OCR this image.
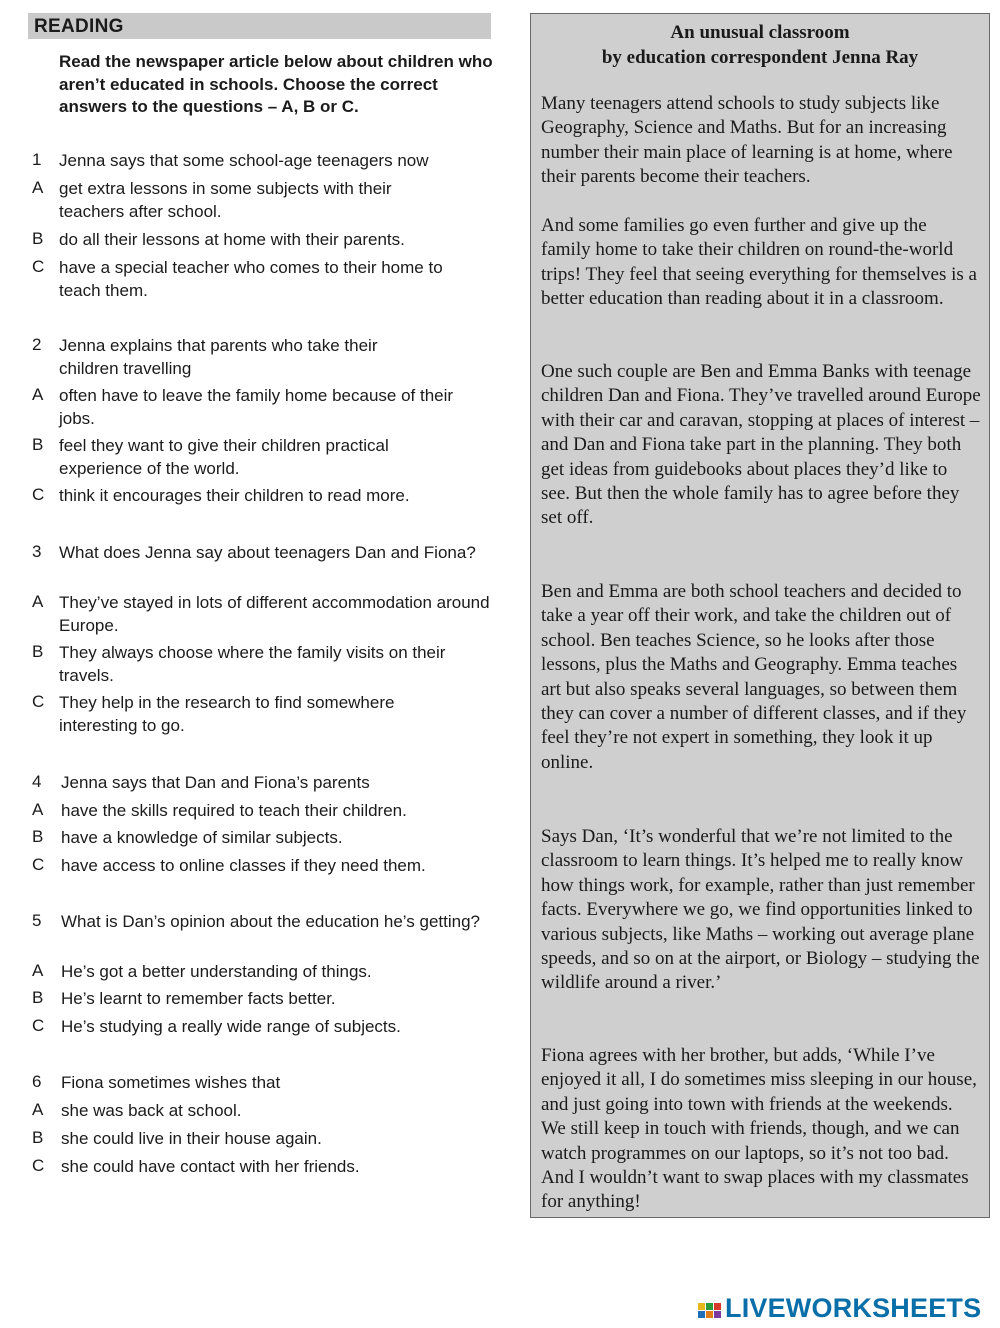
READING
Read the newspaper article below about children who aren’t educated in schools. Choose the correct answers to the questions – A, B or C.
1	Jenna says that some school-age teenagers now
A get extra lessons in some subjects with their teachers after school.
B do all their lessons at home with their parents.
C have a special teacher who comes to their home to teach them.
2	Jenna explains that parents who take their children travelling
A often have to leave the family home because of their jobs.
B feel they want to give their children practical experience of the world.
C think it encourages their children to read more.
3	What does Jenna say about teenagers Dan and Fiona?
A They’ve stayed in lots of different accommodation around Europe.
B They always choose where the family visits on their travels.
C They help in the research to find somewhere interesting to go.
4	Jenna says that Dan and Fiona’s parents
A	have the skills required to teach their children.
B	have a knowledge of similar subjects.
C have access to online classes if they need them.
5	What is Dan’s opinion about the education he’s getting?
A	He’s got a better understanding of things.
B	He’s learnt to remember facts better.
C He’s studying a really wide range of subjects.
6	Fiona sometimes wishes that
A	she was back at school.
B	she could live in their house again.
C she could have contact with her friends.
An unusual classroom
by education correspondent Jenna Ray
Many teenagers attend schools to study subjects like Geography, Science and Maths. But for an increasing number their main place of learning is at home, where their parents become their teachers.
And some families go even further and give up the family home to take their children on round-the-world trips! They feel that seeing everything for themselves is a better education than reading about it in a classroom.
One such couple are Ben and Emma Banks with teenage children Dan and Fiona. They’ve travelled around Europe with their car and caravan, stopping at places of interest – and Dan and Fiona take part in the planning. They both get ideas from guidebooks about places they’d like to see. But then the whole family has to agree before they set off.
Ben and Emma are both school teachers and decided to take a year off their work, and take the children out of school. Ben teaches Science, so he looks after those lessons, plus the Maths and Geography. Emma teaches art but also speaks several languages, so between them they can cover a number of different classes, and if they feel they’re not expert in something, they look it up online.
Says Dan, ‘It’s wonderful that we’re not limited to the classroom to learn things. It’s helped me to really know how things work, for example, rather than just remember facts. Everywhere we go, we find opportunities linked to various subjects, like Maths – working out average plane speeds, and so on at the airport, or Biology – studying the wildlife around a river.’
Fiona agrees with her brother, but adds, ‘While I’ve enjoyed it all, I do sometimes miss sleeping in our house, and just going into town with friends at the weekends. We still keep in touch with friends, though, and we can watch programmes on our laptops, so it’s not too bad. And I wouldn’t want to swap places with my classmates for anything!
LIVEWORKSHEETS
